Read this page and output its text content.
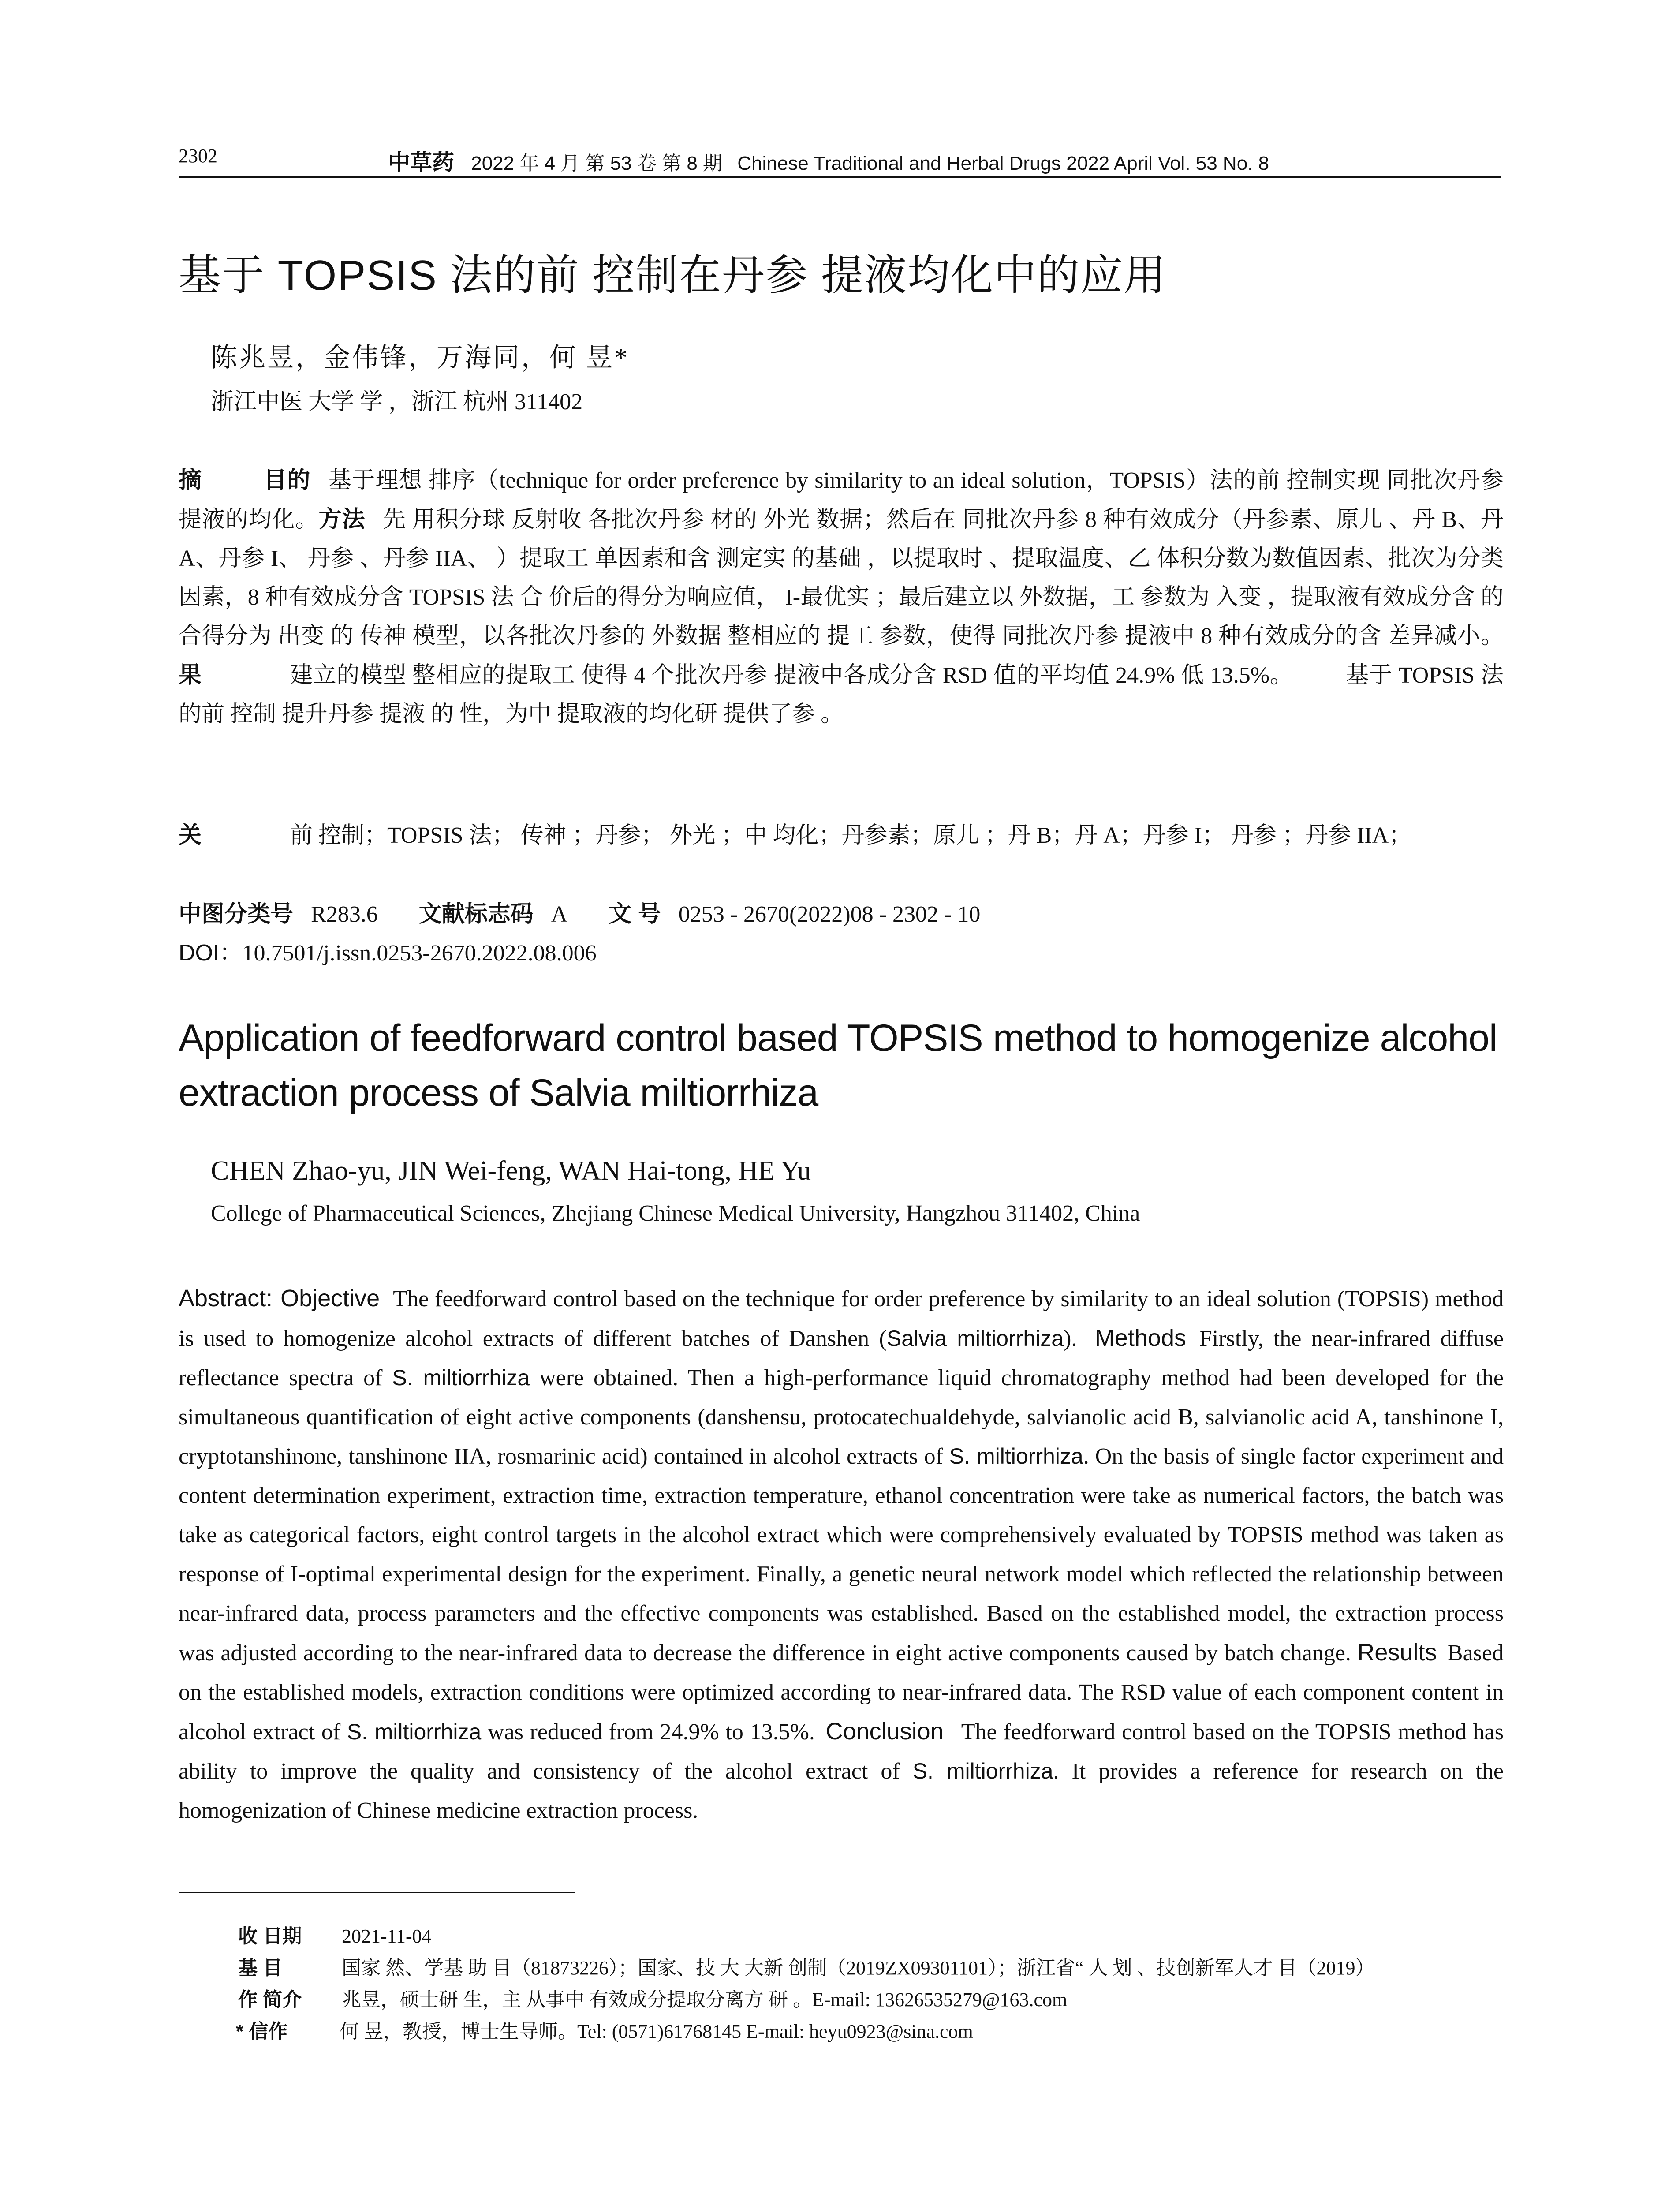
2302	中草药 2022 年 4 月 第 53 卷 第 8 期 Chinese Traditional and Herbal Drugs 2022 April Vol. 53 No. 8
基于 TOPSIS 法的前 控制在丹参 提液均化中的应用
陈兆昱，金伟锋，万海同，何 昱*
浙江中医 大学 学 ，浙江 杭州 311402
摘	目的 基于理想 排序（technique for order preference by similarity to an ideal solution，TOPSIS）法的前 控制实现 同批次丹参 提液的均化。方法 先 用积分球 反射收 各批次丹参 材的 外光 数据；然后在 同批次丹参 8 种有效成分（丹参素、原儿 、丹 B、丹 A、丹参 I、 丹参 、丹参 IIA、 ）提取工 单因素和含 测定实 的基础 ，以提取时 、提取温度、乙 体积分数为数值因素、批次为分类因素，8 种有效成分含 TOPSIS 法 合 价后的得分为响应值， I-最优实 ；最后建立以 外数据，工 参数为 入变 ，提取液有效成分含 的 合得分为 出变 的 传神 模型，以各批次丹参的 外数据 整相应的 提工 参数，使得 同批次丹参 提液中 8 种有效成分的含 差异减小。 果	建立的模型 整相应的提取工 使得 4 个批次丹参 提液中各成分含 RSD 值的平均值 24.9% 低 13.5%。 基于 TOPSIS 法的前 控制 提升丹参 提液 的 性，为中 提取液的均化研 提供了参 。
关	前 控制；TOPSIS 法； 传神 ；丹参； 外光 ；中 均化；丹参素；原儿 ；丹 B；丹 A；丹参 I； 丹参 ；丹参 IIA；
中图分类号 R283.6 文献标志码 A 文 号 0253 - 2670(2022)08 - 2302 - 10
DOI：10.7501/j.issn.0253-2670.2022.08.006
Application of feedforward control based TOPSIS method to homogenize alcohol extraction process of Salvia miltiorrhiza
CHEN Zhao-yu, JIN Wei-feng, WAN Hai-tong, HE Yu
College of Pharmaceutical Sciences, Zhejiang Chinese Medical University, Hangzhou 311402, China
Abstract: Objective The feedforward control based on the technique for order preference by similarity to an ideal solution (TOPSIS) method is used to homogenize alcohol extracts of different batches of Danshen (Salvia miltiorrhiza). Methods Firstly, the near-infrared diffuse reflectance spectra of S. miltiorrhiza were obtained. Then a high-performance liquid chromatography method had been developed for the simultaneous quantification of eight active components (danshensu, protocatechualdehyde, salvianolic acid B, salvianolic acid A, tanshinone I, cryptotanshinone, tanshinone IIA, rosmarinic acid) contained in alcohol extracts of S. miltiorrhiza. On the basis of single factor experiment and content determination experiment, extraction time, extraction temperature, ethanol concentration were take as numerical factors, the batch was take as categorical factors, eight control targets in the alcohol extract which were comprehensively evaluated by TOPSIS method was taken as response of I-optimal experimental design for the experiment. Finally, a genetic neural network model which reflected the relationship between near-infrared data, process parameters and the effective components was established. Based on the established model, the extraction process was adjusted according to the near-infrared data to decrease the difference in eight active components caused by batch change. Results Based on the established models, extraction conditions were optimized according to near-infrared data. The RSD value of each component content in alcohol extract of S. miltiorrhiza was reduced from 24.9% to 13.5%. Conclusion The feedforward control based on the TOPSIS method has ability to improve the quality and consistency of the alcohol extract of S. miltiorrhiza. It provides a reference for research on the homogenization of Chinese medicine extraction process.
收 日期 2021-11-04
基 目	国家 然、学基 助 目（81873226）；国家、技 大 大新 创制（2019ZX09301101）；浙江省“ 人 划 、技创新军人才 目（2019）
作 简介 兆昱，硕士研 生，主 从事中 有效成分提取分离方 研 。E-mail: 13626535279@163.com
* 信作	何 昱，教授，博士生导师。Tel: (0571)61768145 E-mail: heyu0923@sina.com
